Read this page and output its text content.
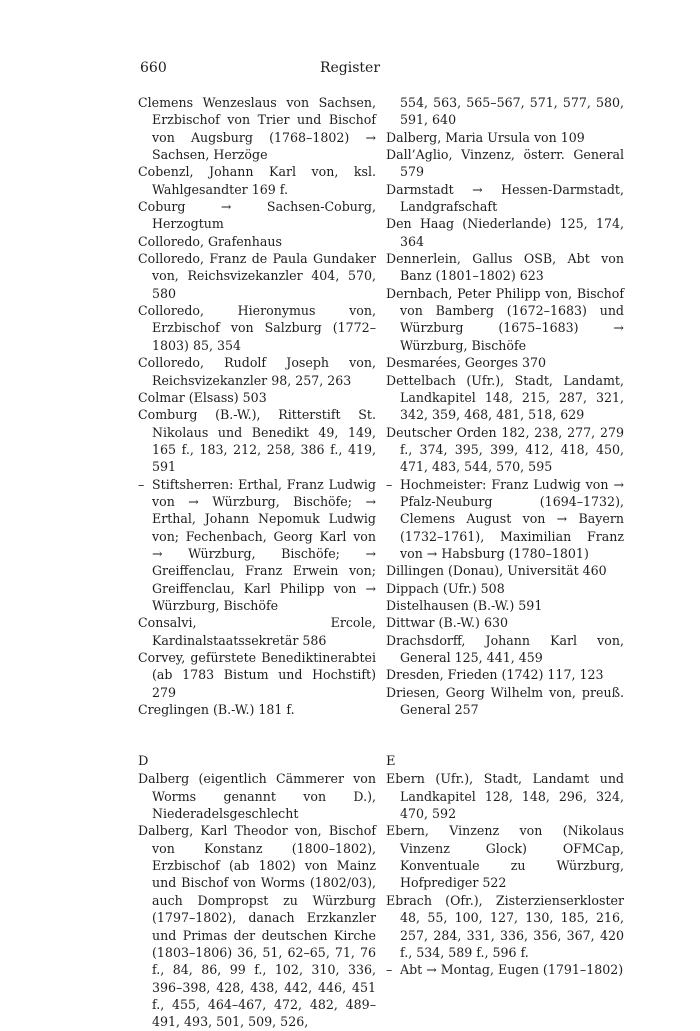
660	Register

Clemens Wenzeslaus von Sachsen, Erzbischof von Trier und Bischof von Augsburg (1768–1802) → Sachsen, Herzöge

Cobenzl, Johann Karl von, ksl. Wahlgesandter 169 f.

Coburg → Sachsen-Coburg, Herzogtum

Colloredo, Grafenhaus

Colloredo, Franz de Paula Gundaker von, Reichsvizekanzler 404, 570, 580

Colloredo, Hieronymus von, Erzbischof von Salzburg (1772–1803) 85, 354

Colloredo, Rudolf Joseph von, Reichsvizekanzler 98, 257, 263

Colmar (Elsass) 503

Comburg (B.-W.), Ritterstift St. Nikolaus und Benedikt 49, 149, 165 f., 183, 212, 258, 386 f., 419, 591

– Stiftsherren: Erthal, Franz Ludwig von → Würzburg, Bischöfe; → Erthal, Johann Nepomuk Ludwig von; Fechenbach, Georg Karl von → Würzburg, Bischöfe; → Greiffenclau, Franz Erwein von; Greiffenclau, Karl Philipp von → Würzburg, Bischöfe

Consalvi, Ercole, Kardinalstaatssekretär 586

Corvey, gefürstete Benediktinerabtei (ab 1783 Bistum und Hochstift) 279

Creglingen (B.-W.) 181 f.

D

Dalberg (eigentlich Cämmerer von Worms genannt von D.), Niederadelsgeschlecht

Dalberg, Karl Theodor von, Bischof von Konstanz (1800–1802), Erzbischof (ab 1802) von Mainz und Bischof von Worms (1802/03), auch Dompropst zu Würzburg (1797–1802), danach Erzkanzler und Primas der deutschen Kirche (1803–1806) 36, 51, 62–65, 71, 76 f., 84, 86, 99 f., 102, 310, 336, 396–398, 428, 438, 442, 446, 451 f., 455, 464–467, 472, 482, 489–491, 493, 501, 509, 526,

554, 563, 565–567, 571, 577, 580, 591, 640

Dalberg, Maria Ursula von 109

Dall’Aglio, Vinzenz, österr. General 579

Darmstadt → Hessen-Darmstadt, Landgrafschaft

Den Haag (Niederlande) 125, 174, 364

Dennerlein, Gallus OSB, Abt von Banz (1801–1802) 623

Dernbach, Peter Philipp von, Bischof von Bamberg (1672–1683) und Würzburg (1675–1683) → Würzburg, Bischöfe

Desmarées, Georges 370

Dettelbach (Ufr.), Stadt, Landamt, Landkapitel 148, 215, 287, 321, 342, 359, 468, 481, 518, 629

Deutscher Orden 182, 238, 277, 279 f., 374, 395, 399, 412, 418, 450, 471, 483, 544, 570, 595

– Hochmeister: Franz Ludwig von → Pfalz-Neuburg (1694–1732), Clemens August von → Bayern (1732–1761), Maximilian Franz von → Habsburg (1780–1801)

Dillingen (Donau), Universität 460

Dippach (Ufr.) 508

Distelhausen (B.-W.) 591

Dittwar (B.-W.) 630

Drachsdorff, Johann Karl von, General 125, 441, 459

Dresden, Frieden (1742) 117, 123

Driesen, Georg Wilhelm von, preuß. General 257

E

Ebern (Ufr.), Stadt, Landamt und Landkapitel 128, 148, 296, 324, 470, 592

Ebern, Vinzenz von (Nikolaus Vinzenz Glock) OFMCap, Konventuale zu Würzburg, Hofprediger 522

Ebrach (Ofr.), Zisterzienserkloster 48, 55, 100, 127, 130, 185, 216, 257, 284, 331, 336, 356, 367, 420 f., 534, 589 f., 596 f.

– Abt → Montag, Eugen (1791–1802)
